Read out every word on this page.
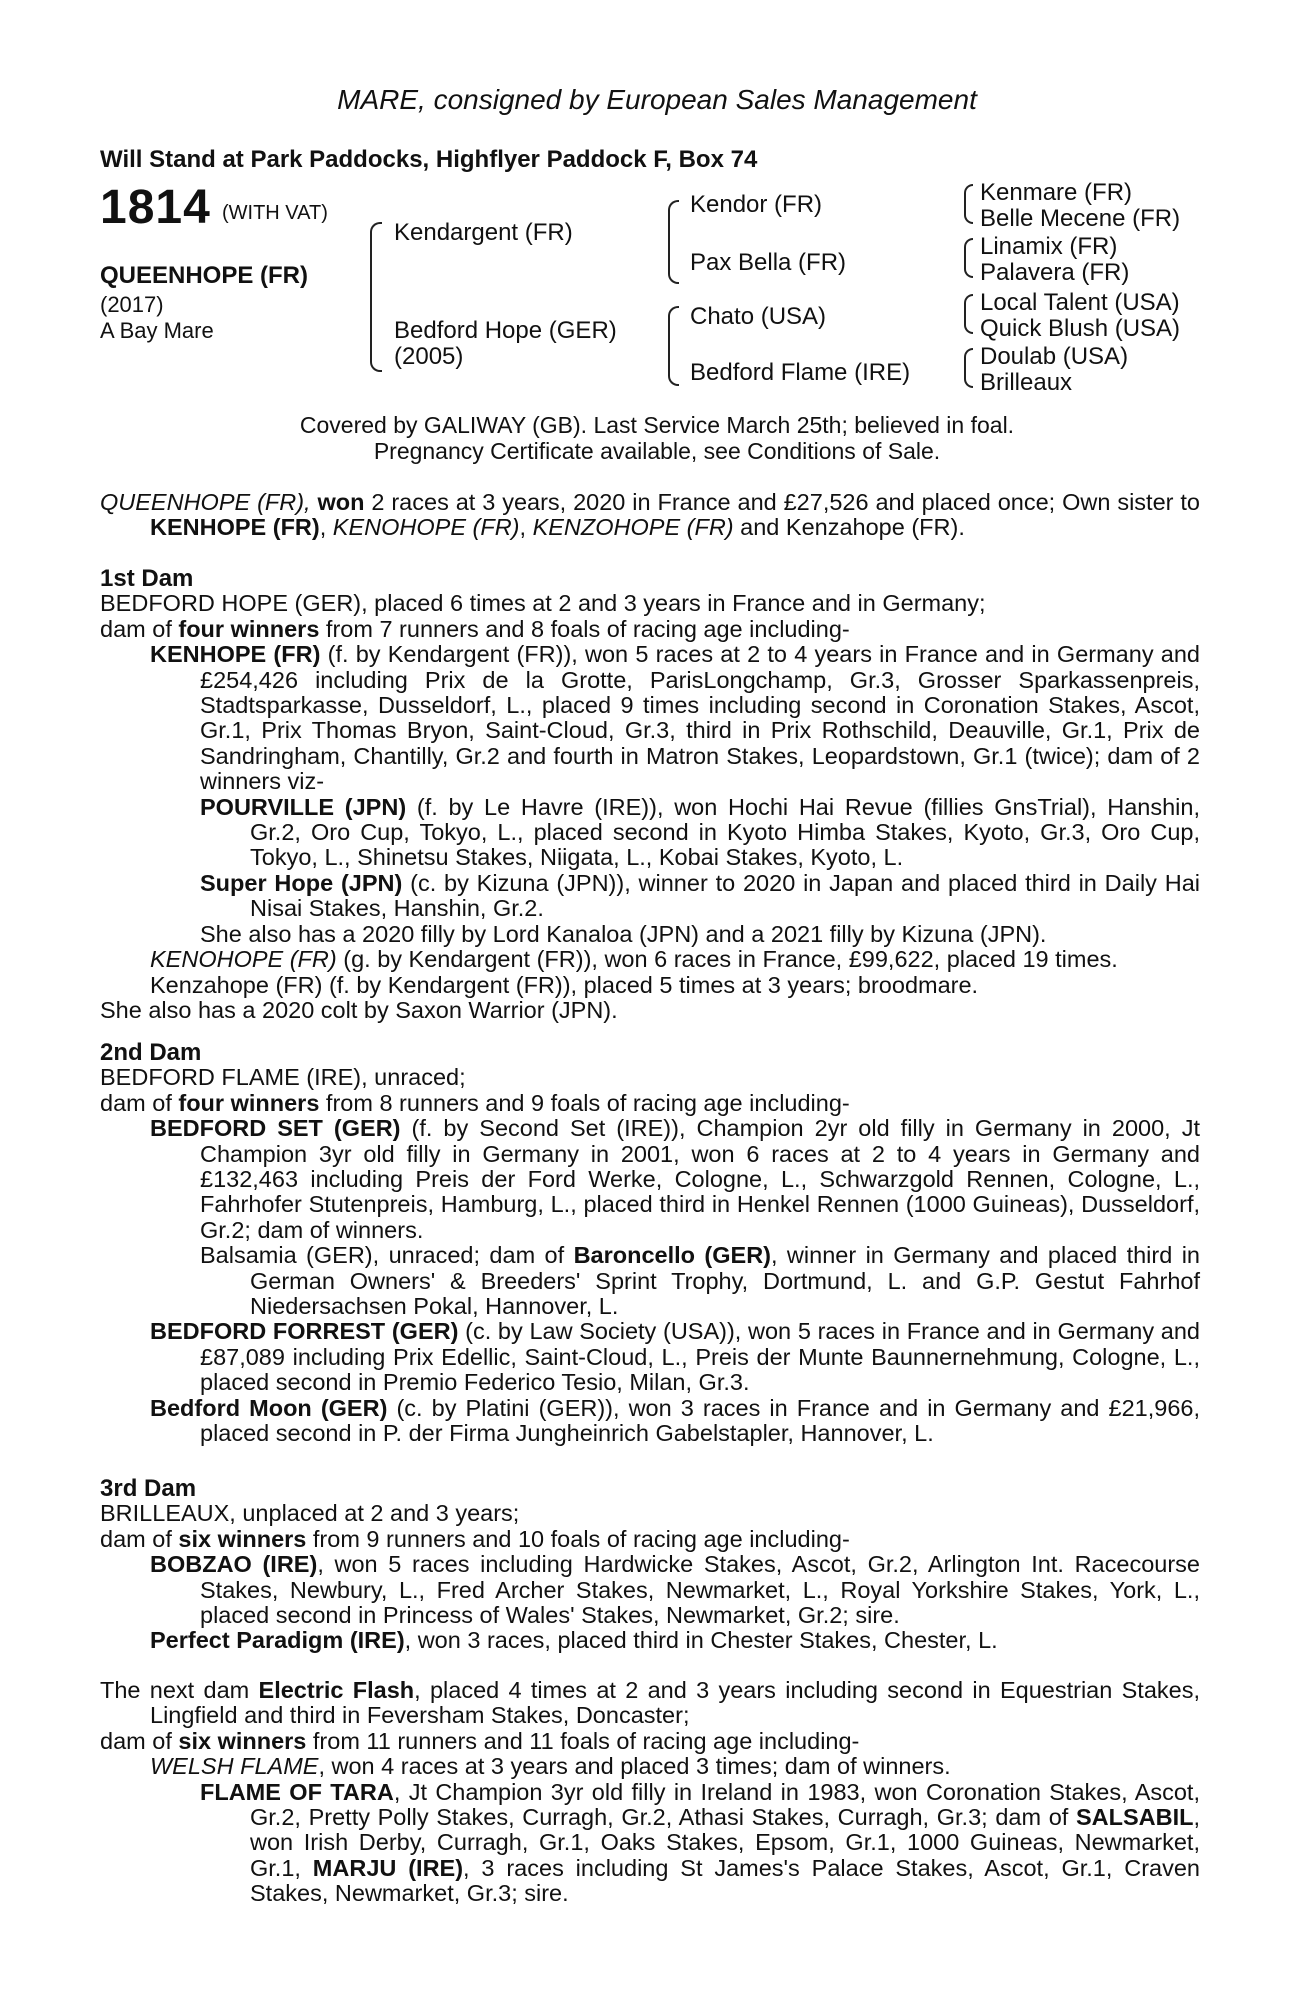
MARE, consigned by European Sales Management
Will Stand at Park Paddocks, Highflyer Paddock F, Box 74
1814 (WITH VAT)
QUEENHOPE (FR)
(2017)
A Bay Mare
Kendargent (FR)
Bedford Hope (GER)
(2005)
Kendor (FR)
Pax Bella (FR)
Chato (USA)
Bedford Flame (IRE)
Kenmare (FR)
Belle Mecene (FR)
Linamix (FR)
Palavera (FR)
Local Talent (USA)
Quick Blush (USA)
Doulab (USA)
Brilleaux
Covered by GALIWAY (GB). Last Service March 25th; believed in foal.
Pregnancy Certificate available, see Conditions of Sale.

QUEENHOPE (FR), won 2 races at 3 years, 2020 in France and £27,526 and placed once; Own sister to KENHOPE (FR), KENOHOPE (FR), KENZOHOPE (FR) and Kenzahope (FR).

1st Dam

BEDFORD HOPE (GER), placed 6 times at 2 and 3 years in France and in Germany;

dam of four winners from 7 runners and 8 foals of racing age including-

KENHOPE (FR) (f. by Kendargent (FR)), won 5 races at 2 to 4 years in France and in Germany and £254,426 including Prix de la Grotte, ParisLongchamp, Gr.3, Grosser Sparkassenpreis, Stadtsparkasse, Dusseldorf, L., placed 9 times including second in Coronation Stakes, Ascot, Gr.1, Prix Thomas Bryon, Saint-Cloud, Gr.3, third in Prix Rothschild, Deauville, Gr.1, Prix de Sandringham, Chantilly, Gr.2 and fourth in Matron Stakes, Leopardstown, Gr.1 (twice); dam of 2 winners viz-

POURVILLE (JPN) (f. by Le Havre (IRE)), won Hochi Hai Revue (fillies GnsTrial), Hanshin, Gr.2, Oro Cup, Tokyo, L., placed second in Kyoto Himba Stakes, Kyoto, Gr.3, Oro Cup, Tokyo, L., Shinetsu Stakes, Niigata, L., Kobai Stakes, Kyoto, L.

Super Hope (JPN) (c. by Kizuna (JPN)), winner to 2020 in Japan and placed third in Daily Hai Nisai Stakes, Hanshin, Gr.2.

She also has a 2020 filly by Lord Kanaloa (JPN) and a 2021 filly by Kizuna (JPN).

KENOHOPE (FR) (g. by Kendargent (FR)), won 6 races in France, £99,622, placed 19 times.

Kenzahope (FR) (f. by Kendargent (FR)), placed 5 times at 3 years; broodmare.

She also has a 2020 colt by Saxon Warrior (JPN).

2nd Dam

BEDFORD FLAME (IRE), unraced;

dam of four winners from 8 runners and 9 foals of racing age including-

BEDFORD SET (GER) (f. by Second Set (IRE)), Champion 2yr old filly in Germany in 2000, Jt Champion 3yr old filly in Germany in 2001, won 6 races at 2 to 4 years in Germany and £132,463 including Preis der Ford Werke, Cologne, L., Schwarzgold Rennen, Cologne, L., Fahrhofer Stutenpreis, Hamburg, L., placed third in Henkel Rennen (1000 Guineas), Dusseldorf, Gr.2; dam of winners.

Balsamia (GER), unraced; dam of Baroncello (GER), winner in Germany and placed third in German Owners' & Breeders' Sprint Trophy, Dortmund, L. and G.P. Gestut Fahrhof Niedersachsen Pokal, Hannover, L.

BEDFORD FORREST (GER) (c. by Law Society (USA)), won 5 races in France and in Germany and £87,089 including Prix Edellic, Saint-Cloud, L., Preis der Munte Baunnernehmung, Cologne, L., placed second in Premio Federico Tesio, Milan, Gr.3.

Bedford Moon (GER) (c. by Platini (GER)), won 3 races in France and in Germany and £21,966, placed second in P. der Firma Jungheinrich Gabelstapler, Hannover, L.

3rd Dam

BRILLEAUX, unplaced at 2 and 3 years;

dam of six winners from 9 runners and 10 foals of racing age including-

BOBZAO (IRE), won 5 races including Hardwicke Stakes, Ascot, Gr.2, Arlington Int. Racecourse Stakes, Newbury, L., Fred Archer Stakes, Newmarket, L., Royal Yorkshire Stakes, York, L., placed second in Princess of Wales' Stakes, Newmarket, Gr.2; sire.

Perfect Paradigm (IRE), won 3 races, placed third in Chester Stakes, Chester, L.

The next dam Electric Flash, placed 4 times at 2 and 3 years including second in Equestrian Stakes, Lingfield and third in Feversham Stakes, Doncaster;

dam of six winners from 11 runners and 11 foals of racing age including-

WELSH FLAME, won 4 races at 3 years and placed 3 times; dam of winners.

FLAME OF TARA, Jt Champion 3yr old filly in Ireland in 1983, won Coronation Stakes, Ascot, Gr.2, Pretty Polly Stakes, Curragh, Gr.2, Athasi Stakes, Curragh, Gr.3; dam of SALSABIL, won Irish Derby, Curragh, Gr.1, Oaks Stakes, Epsom, Gr.1, 1000 Guineas, Newmarket, Gr.1, MARJU (IRE), 3 races including St James's Palace Stakes, Ascot, Gr.1, Craven Stakes, Newmarket, Gr.3; sire.
